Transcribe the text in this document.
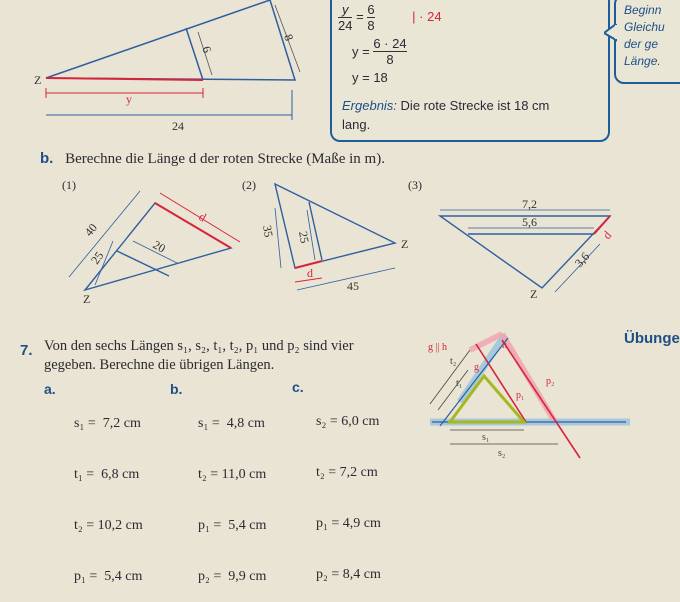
Z
8
6
y
24
$\frac{y}{24} = \frac{6}{8}$	| · 24
$y = \frac{6 \cdot 24}{8}$
y = 18
Ergebnis: Die rote Strecke ist 18 cm
lang.
Beginn
Gleichu
der ge
Länge.
b. Berechne die Länge d der roten Strecke (Maße in m).
(1)	(2)	(3)
40
25
20
d
Z
35 25
d
45
Z
7,2
5,6
3,6
d
Z
7. Von den sechs Längen s₁, s₂, t₁, t₂, p₁ und p₂ sind vier
gegeben. Berechne die übrigen Längen.
a.

s₁ =  7,2 cm

t₁ =  6,8 cm

t₂ = 10,2 cm

p₁ =  5,4 cm

b.

s₁ =  4,8 cm

t₂ = 11,0 cm

p₁ =  5,4 cm

p₂ =  9,9 cm

c.

s₂ = 6,0 cm

t₂ = 7,2 cm

p₁ = 4,9 cm

p₂ = 8,4 cm

g || h
t₂
t₁
g
h
p₂
p₁
s₁
s₂
Übunge
